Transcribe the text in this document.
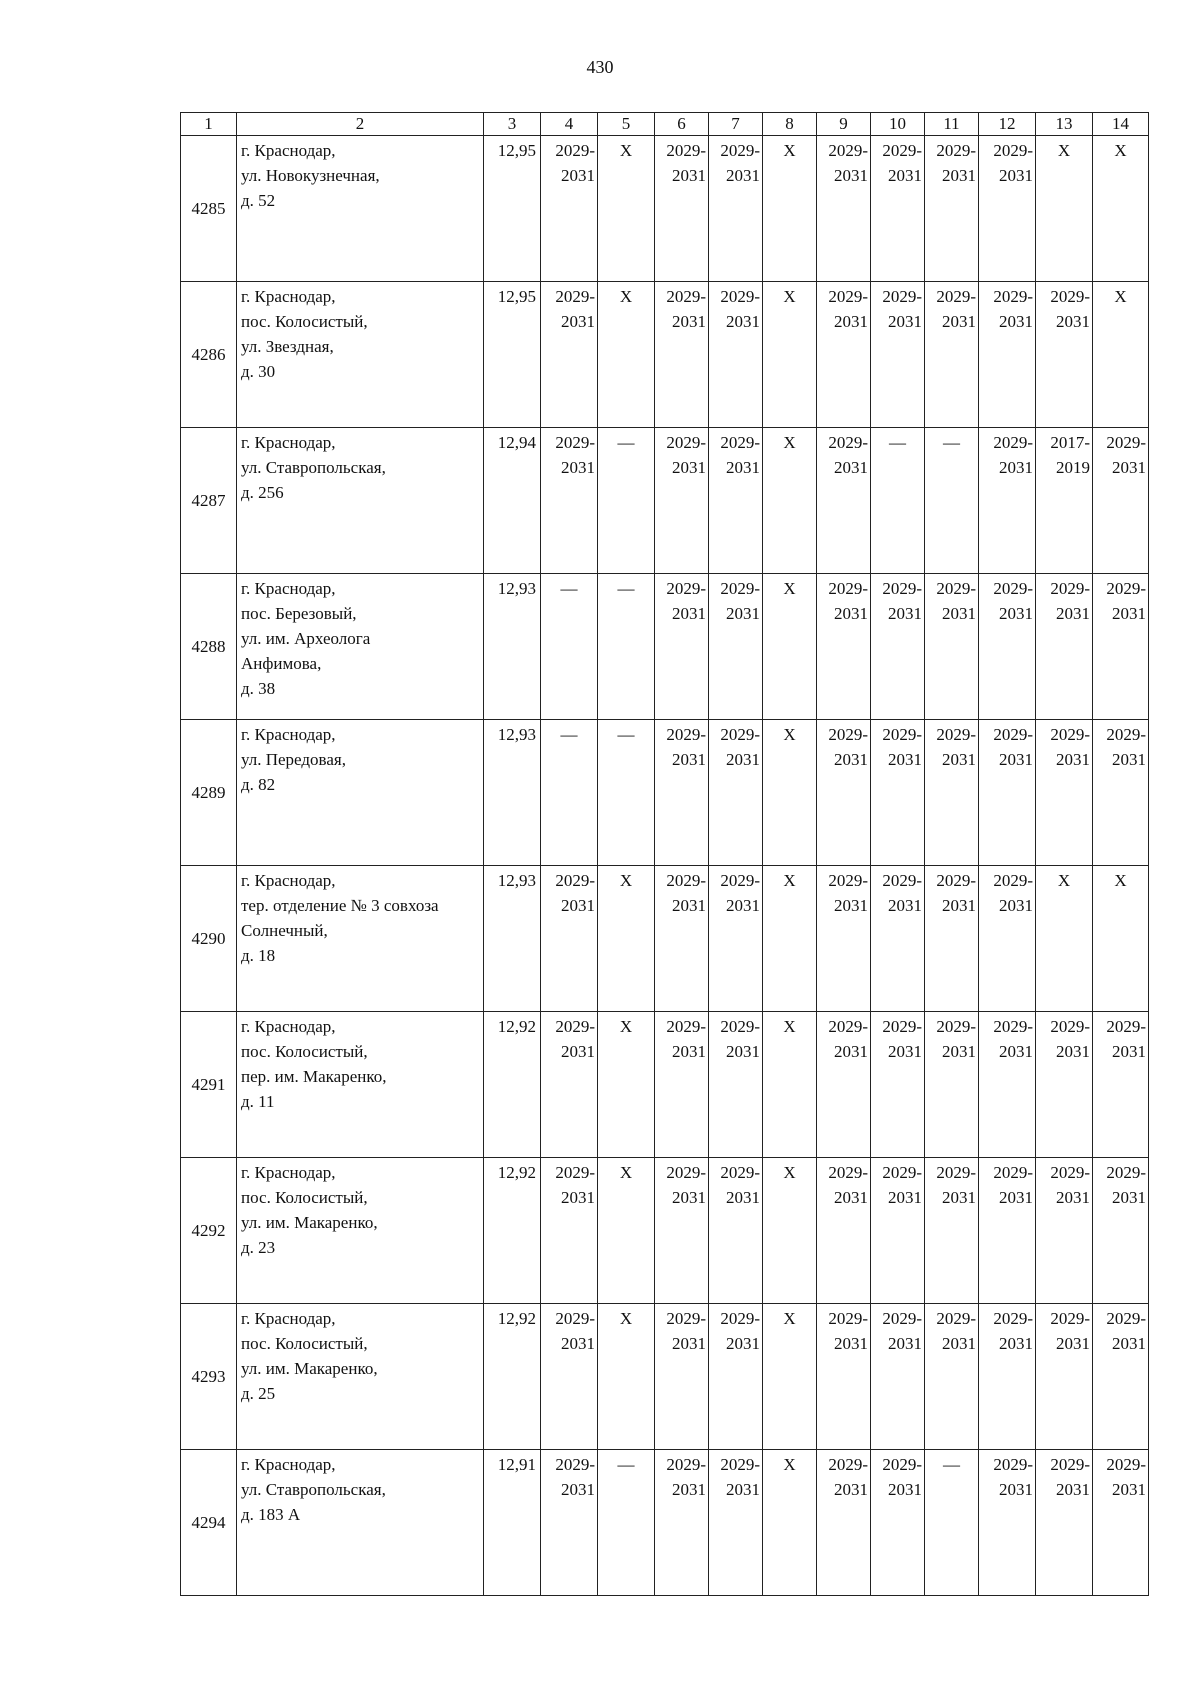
430
1	2	3	4	5	6	7	8	9	10	11	12	13	14
4285	г. Краснодар,
ул. Новокузнечная,
д. 52	12,95	2029-
2031	Х	2029-
2031	2029-
2031	Х	2029-
2031	2029-
2031	2029-
2031	2029-
2031	Х	Х

4286	г. Краснодар,
пос. Колосистый,
ул. Звездная,
д. 30	12,95	2029-
2031	Х	2029-
2031	2029-
2031	Х	2029-
2031	2029-
2031	2029-
2031	2029-
2031	2029-
2031	Х

4287	г. Краснодар,
ул. Ставропольская,
д. 256	12,94	2029-
2031	—	2029-
2031	2029-
2031	Х	2029-
2031	—	—	2029-
2031	2017-
2019	2029-
2031

4288	г. Краснодар,
пос. Березовый,
ул. им. Археолога
Анфимова,
д. 38	12,93	—	—	2029-
2031	2029-
2031	Х	2029-
2031	2029-
2031	2029-
2031	2029-
2031	2029-
2031	2029-
2031

4289	г. Краснодар,
ул. Передовая,
д. 82	12,93	—	—	2029-
2031	2029-
2031	Х	2029-
2031	2029-
2031	2029-
2031	2029-
2031	2029-
2031	2029-
2031

4290	г. Краснодар,
тер. отделение № 3 совхоза
Солнечный,
д. 18	12,93	2029-
2031	Х	2029-
2031	2029-
2031	Х	2029-
2031	2029-
2031	2029-
2031	2029-
2031	Х	Х

4291	г. Краснодар,
пос. Колосистый,
пер. им. Макаренко,
д. 11	12,92	2029-
2031	Х	2029-
2031	2029-
2031	Х	2029-
2031	2029-
2031	2029-
2031	2029-
2031	2029-
2031	2029-
2031

4292	г. Краснодар,
пос. Колосистый,
ул. им. Макаренко,
д. 23	12,92	2029-
2031	Х	2029-
2031	2029-
2031	Х	2029-
2031	2029-
2031	2029-
2031	2029-
2031	2029-
2031	2029-
2031

4293	г. Краснодар,
пос. Колосистый,
ул. им. Макаренко,
д. 25	12,92	2029-
2031	Х	2029-
2031	2029-
2031	Х	2029-
2031	2029-
2031	2029-
2031	2029-
2031	2029-
2031	2029-
2031

4294	г. Краснодар,
ул. Ставропольская,
д. 183 А	12,91	2029-
2031	—	2029-
2031	2029-
2031	Х	2029-
2031	2029-
2031	—	2029-
2031	2029-
2031	2029-
2031
